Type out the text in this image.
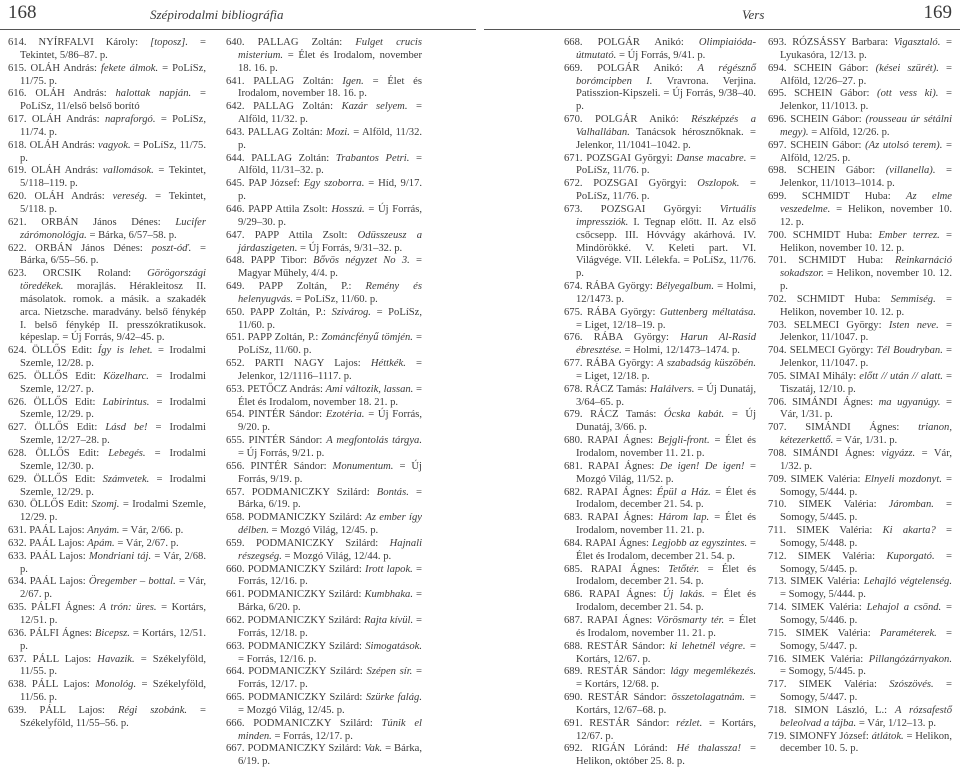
168	Szépirodalmi bibliográfia
614. NYÍRFALVI Károly: [toposz]. = Tekintet, 5/86–87. p.
615. OLÁH András: fekete álmok. = PoLíSz, 11/75. p.
616. OLÁH András: halottak napján. = PoLíSz, 11/első belső borító
617. OLÁH András: napraforgó. = PoLíSz, 11/74. p.
618. OLÁH András: vagyok. = PoLíSz, 11/75. p.
619. OLÁH András: vallomások. = Tekintet, 5/118–119. p.
620. OLÁH András: vereség. = Tekintet, 5/118. p.
621. ORBÁN János Dénes: Lucifer zárómonológja. = Bárka, 6/57–58. p.
622. ORBÁN János Dénes: poszt-óď. = Bárka, 6/55–56. p.
623. ORCSIK Roland: Görögországi töredékek. morajlás. Hérakleitosz II. másolatok. romok. a másik. a szakadék arca. Nietzsche. maradvány. belső fénykép I. belső fénykép II. presszókratikusok. képeslap. = Új Forrás, 9/42–45. p.
624. ÖLLŐS Edit: Így is lehet. = Irodalmi Szemle, 12/28. p.
625. ÖLLŐS Edit: Közelharc. = Irodalmi Szemle, 12/27. p.
626. ÖLLŐS Edit: Labirintus. = Irodalmi Szemle, 12/29. p.
627. ÖLLŐS Edit: Lásd be! = Irodalmi Szemle, 12/27–28. p.
628. ÖLLŐS Edit: Lebegés. = Irodalmi Szemle, 12/30. p.
629. ÖLLŐS Edit: Számvetek. = Irodalmi Szemle, 12/29. p.
630. ÖLLŐS Edit: Szomj. = Irodalmi Szemle, 12/29. p.
631. PAÁL Lajos: Anyám. = Vár, 2/66. p.
632. PAÁL Lajos: Apám. = Vár, 2/67. p.
633. PAÁL Lajos: Mondriani táj. = Vár, 2/68. p.
634. PAÁL Lajos: Öregember – bottal. = Vár, 2/67. p.
635. PÁLFI Ágnes: A trón: üres. = Kortárs, 12/51. p.
636. PÁLFI Ágnes: Bicepsz. = Kortárs, 12/51. p.
637. PÁLL Lajos: Havazik. = Székelyföld, 11/55. p.
638. PÁLL Lajos: Monológ. = Székelyföld, 11/56. p.
639. PÁLL Lajos: Régi szobánk. = Székelyföld, 11/55–56. p.
640. PALLAG Zoltán: Fulget crucis misterium. = Élet és Irodalom, november 18. 16. p.
641. PALLAG Zoltán: Igen. = Élet és Irodalom, november 18. 16. p.
642. PALLAG Zoltán: Kazár selyem. = Alföld, 11/32. p.
643. PALLAG Zoltán: Mozi. = Alföld, 11/32. p.
644. PALLAG Zoltán: Trabantos Petri. = Alföld, 11/31–32. p.
645. PAP József: Egy szoborra. = Híd, 9/17. p.
646. PAPP Attila Zsolt: Hosszú. = Új Forrás, 9/29–30. p.
647. PAPP Attila Zsolt: Odüsszeusz a járdaszigeten. = Új Forrás, 9/31–32. p.
648. PAPP Tibor: Bővös négyzet No 3. = Magyar Műhely, 4/4. p.
649. PAPP Zoltán, P.: Remény és helenyugvás. = PoLíSz, 11/60. p.
650. PAPP Zoltán, P.: Szivárog. = PoLíSz, 11/60. p.
651. PAPP Zoltán, P.: Zománcfényű tömjén. = PoLíSz, 11/60. p.
652. PARTI NAGY Lajos: Héttkék. = Jelenkor, 12/1116–1117. p.
653. PETŐCZ András: Ami változik, lassan. = Élet és Irodalom, november 18. 21. p.
654. PINTÉR Sándor: Ezotéria. = Új Forrás, 9/20. p.
655. PINTÉR Sándor: A megfontolás tárgya. = Új Forrás, 9/21. p.
656. PINTÉR Sándor: Monumentum. = Új Forrás, 9/19. p.
657. PODMANICZKY Szilárd: Bontás. = Bárka, 6/19. p.
658. PODMANICZKY Szilárd: Az ember így délben. = Mozgó Világ, 12/45. p.
659. PODMANICZKY Szilárd: Hajnali részegség. = Mozgó Világ, 12/44. p.
660. PODMANICZKY Szilárd: Irott lapok. = Forrás, 12/16. p.
661. PODMANICZKY Szilárd: Kumbhaka. = Bárka, 6/20. p.
662. PODMANICZKY Szilárd: Rajta kívül. = Forrás, 12/18. p.
663. PODMANICZKY Szilárd: Simogatások. = Forrás, 12/16. p.
664. PODMANICZKY Szilárd: Szépen sír. = Forrás, 12/17. p.
665. PODMANICZKY Szilárd: Szürke falág. = Mozgó Világ, 12/45. p.
666. PODMANICZKY Szilárd: Túnik el minden. = Forrás, 12/17. p.
667. PODMANICZKY Szilárd: Vak. = Bárka, 6/19. p.
Vers	169
668. POLGÁR Anikó: Olimpiaióda-útmutató. = Új Forrás, 9/41. p.
669. POLGÁR Anikó: A régésznő borómcipben I. Vravrona. Verjina. Patisszion-Kipszeli. = Új Forrás, 9/38–40. p.
670. POLGÁR Anikó: Részképzés a Valhallában. Tanácsok hérosznőknak. = Jelenkor, 11/1041–1042. p.
671. POZSGAI Györgyi: Danse macabre. = PoLíSz, 11/76. p.
672. POZSGAI Györgyi: Oszlopok. = PoLíSz, 11/76. p.
673. POZSGAI Györgyi: Virtuális impressziók. I. Tegnap előtt. II. Az első csőcsepp. III. Hóvvágy akárhová. IV. Mindörökké. V. Keleti part. VI. Világvége. VII. Lélekfa. = PoLíSz, 11/76. p.
674. RÁBA György: Bélyegalbum. = Holmi, 12/1473. p.
675. RÁBA György: Guttenberg méltatása. = Liget, 12/18–19. p.
676. RÁBA György: Harun Al-Rasid ébresztése. = Holmi, 12/1473–1474. p.
677. RÁBA György: A szabadság küszöbén. = Liget, 12/18. p.
678. RÁCZ Tamás: Halálvers. = Új Dunatáj, 3/64–65. p.
679. RÁCZ Tamás: Ócska kabát. = Új Dunatáj, 3/66. p.
680. RAPAI Ágnes: Bejgli-front. = Élet és Irodalom, november 11. 21. p.
681. RAPAI Ágnes: De igen! De igen! = Mozgó Világ, 11/52. p.
682. RAPAI Ágnes: Épül a Ház. = Élet és Irodalom, december 21. 54. p.
683. RAPAI Ágnes: Három lap. = Élet és Irodalom, november 11. 21. p.
684. RAPAI Ágnes: Legjobb az egyszintes. = Élet és Irodalom, december 21. 54. p.
685. RAPAI Ágnes: Tetőtér. = Élet és Irodalom, december 21. 54. p.
686. RAPAI Ágnes: Új lakás. = Élet és Irodalom, december 21. 54. p.
687. RAPAI Ágnes: Vörösmarty tér. = Élet és Irodalom, november 11. 21. p.
688. RESTÁR Sándor: ki lehetnél végre. = Kortárs, 12/67. p.
689. RESTÁR Sándor: lágy megemlékezés. = Kortárs, 12/68. p.
690. RESTÁR Sándor: összetolagatnám. = Kortárs, 12/67–68. p.
691. RESTÁR Sándor: rézlet. = Kortárs, 12/67. p.
692. RIGÁN Lóránd: Hé thalassza! = Helikon, október 25. 8. p.
693. RÓZSÁSSY Barbara: Vigasztaló. = Lyukasóra, 12/13. p.
694. SCHEIN Gábor: (kései szürét). = Alföld, 12/26–27. p.
695. SCHEIN Gábor: (ott vess ki). = Jelenkor, 11/1013. p.
696. SCHEIN Gábor: (rousseau úr sétálni megy). = Alföld, 12/26. p.
697. SCHEIN Gábor: (Az utolsó terem). = Alföld, 12/25. p.
698. SCHEIN Gábor: (villanella). = Jelenkor, 11/1013–1014. p.
699. SCHMIDT Huba: Az elme veszedelme. = Helikon, november 10. 12. p.
700. SCHMIDT Huba: Ember terrez. = Helikon, november 10. 12. p.
701. SCHMIDT Huba: Reinkarnáció sokadszor. = Helikon, november 10. 12. p.
702. SCHMIDT Huba: Semmiség. = Helikon, november 10. 12. p.
703. SELMECI György: Isten neve. = Jelenkor, 11/1047. p.
704. SELMECI György: Tél Boudryban. = Jelenkor, 11/1047. p.
705. SIMAI Mihály: előtt // után // alatt. = Tiszatáj, 12/10. p.
706. SIMÁNDI Ágnes: ma ugyanúgy. = Vár, 1/31. p.
707. SIMÁNDI Ágnes: trianon, kétezerkettő. = Vár, 1/31. p.
708. SIMÁNDI Ágnes: vigyázz. = Vár, 1/32. p.
709. SIMEK Valéria: Elnyeli mozdonyt. = Somogy, 5/444. p.
710. SIMEK Valéria: Járomban. = Somogy, 5/445. p.
711. SIMEK Valéria: Ki akarta? = Somogy, 5/448. p.
712. SIMEK Valéria: Kuporgató. = Somogy, 5/445. p.
713. SIMEK Valéria: Lehajló végtelenség. = Somogy, 5/444. p.
714. SIMEK Valéria: Lehajol a csönd. = Somogy, 5/446. p.
715. SIMEK Valéria: Paraméterek. = Somogy, 5/447. p.
716. SIMEK Valéria: Pillangózárnyakon. = Somogy, 5/445. p.
717. SIMEK Valéria: Szószövés. = Somogy, 5/447. p.
718. SIMON László, L.: A rózsafestő beleolvad a tájba. = Vár, 1/12–13. p.
719. SIMONFY József: átlátok. = Helikon, december 10. 5. p.
